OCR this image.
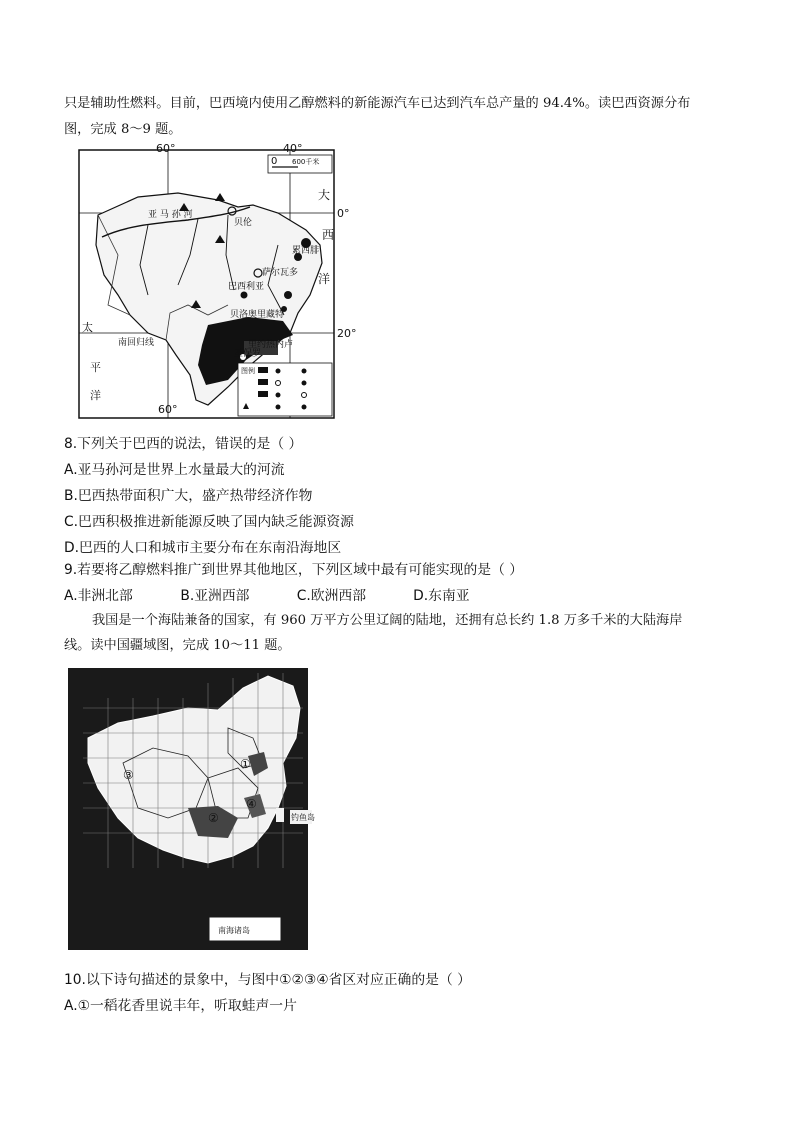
只是辅助性燃料。目前，巴西境内使用乙醇燃料的新能源汽车已达到汽车总产量的 94.4%。读巴西资源分布
图，完成 8～9 题。
0 600千米
图例
60°	40°
60°
0°
20°
大
西
洋
太
平
洋
亚 马 孙 河
贝伦
累西腓
萨尔瓦多
巴西利亚
贝洛奥里藏特
里约热内卢
圣保罗
南回归线
8.下列关于巴西的说法，错误的是（ ）
A.亚马孙河是世界上水量最大的河流
B.巴西热带面积广大，盛产热带经济作物
C.巴西积极推进新能源反映了国内缺乏能源资源
D.巴西的人口和城市主要分布在东南沿海地区
9.若要将乙醇燃料推广到世界其他地区，下列区域中最有可能实现的是（ ）
A.非洲北部	B.亚洲西部	C.欧洲西部	D.东南亚
我国是一个海陆兼备的国家，有 960 万平方公里辽阔的陆地，还拥有总长约 1.8 万多千米的大陆海岸
线。读中国疆域图，完成 10～11 题。
钓鱼岛
③
②
①
④
南海诸岛
10.以下诗句描述的景象中，与图中①②③④省区对应正确的是（ ）
A.①一稻花香里说丰年，听取蛙声一片
